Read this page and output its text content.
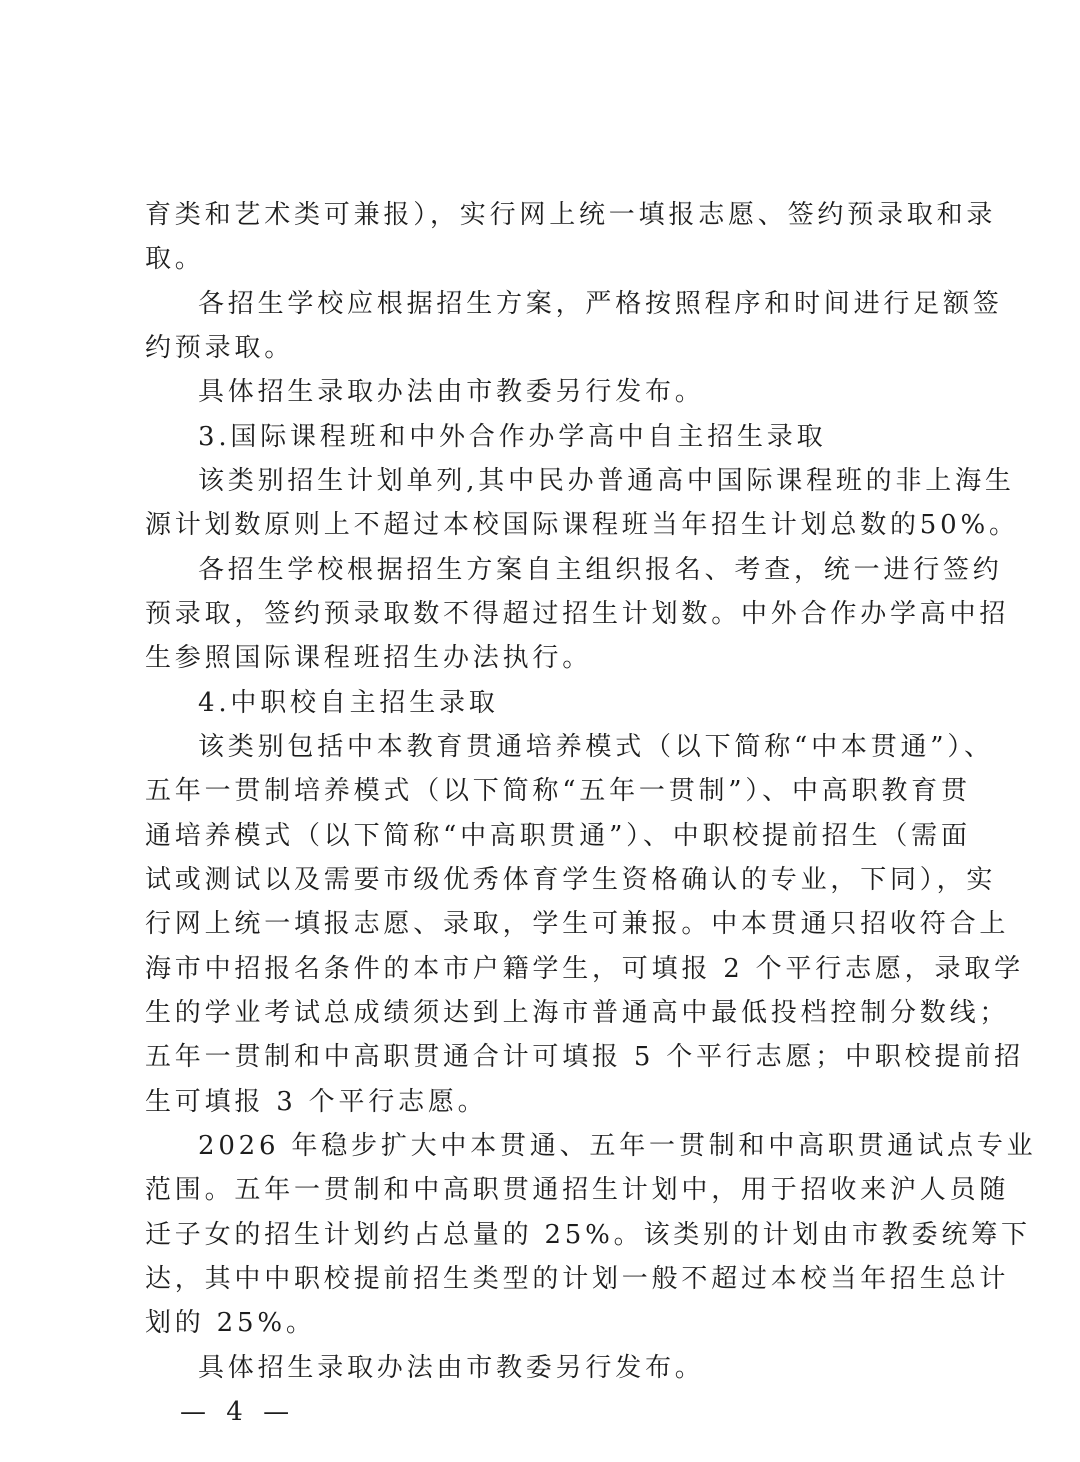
育类和艺术类可兼报），实行网上统一填报志愿、签约预录取和录
取。
各招生学校应根据招生方案，严格按照程序和时间进行足额签
约预录取。
具体招生录取办法由市教委另行发布。
3.国际课程班和中外合作办学高中自主招生录取
该类别招生计划单列,其中民办普通高中国际课程班的非上海生
源计划数原则上不超过本校国际课程班当年招生计划总数的50%。
各招生学校根据招生方案自主组织报名、考查，统一进行签约
预录取，签约预录取数不得超过招生计划数。中外合作办学高中招
生参照国际课程班招生办法执行。
4.中职校自主招生录取
该类别包括中本教育贯通培养模式（以下简称“中本贯通”）、
五年一贯制培养模式（以下简称“五年一贯制”）、中高职教育贯
通培养模式（以下简称“中高职贯通”）、中职校提前招生（需面
试或测试以及需要市级优秀体育学生资格确认的专业，下同），实
行网上统一填报志愿、录取，学生可兼报。中本贯通只招收符合上
海市中招报名条件的本市户籍学生，可填报 2 个平行志愿，录取学
生的学业考试总成绩须达到上海市普通高中最低投档控制分数线；
五年一贯制和中高职贯通合计可填报 5 个平行志愿；中职校提前招
生可填报 3 个平行志愿。
2026 年稳步扩大中本贯通、五年一贯制和中高职贯通试点专业
范围。五年一贯制和中高职贯通招生计划中，用于招收来沪人员随
迁子女的招生计划约占总量的 25%。该类别的计划由市教委统筹下
达，其中中职校提前招生类型的计划一般不超过本校当年招生总计
划的 25%。
具体招生录取办法由市教委另行发布。
— 4 —
